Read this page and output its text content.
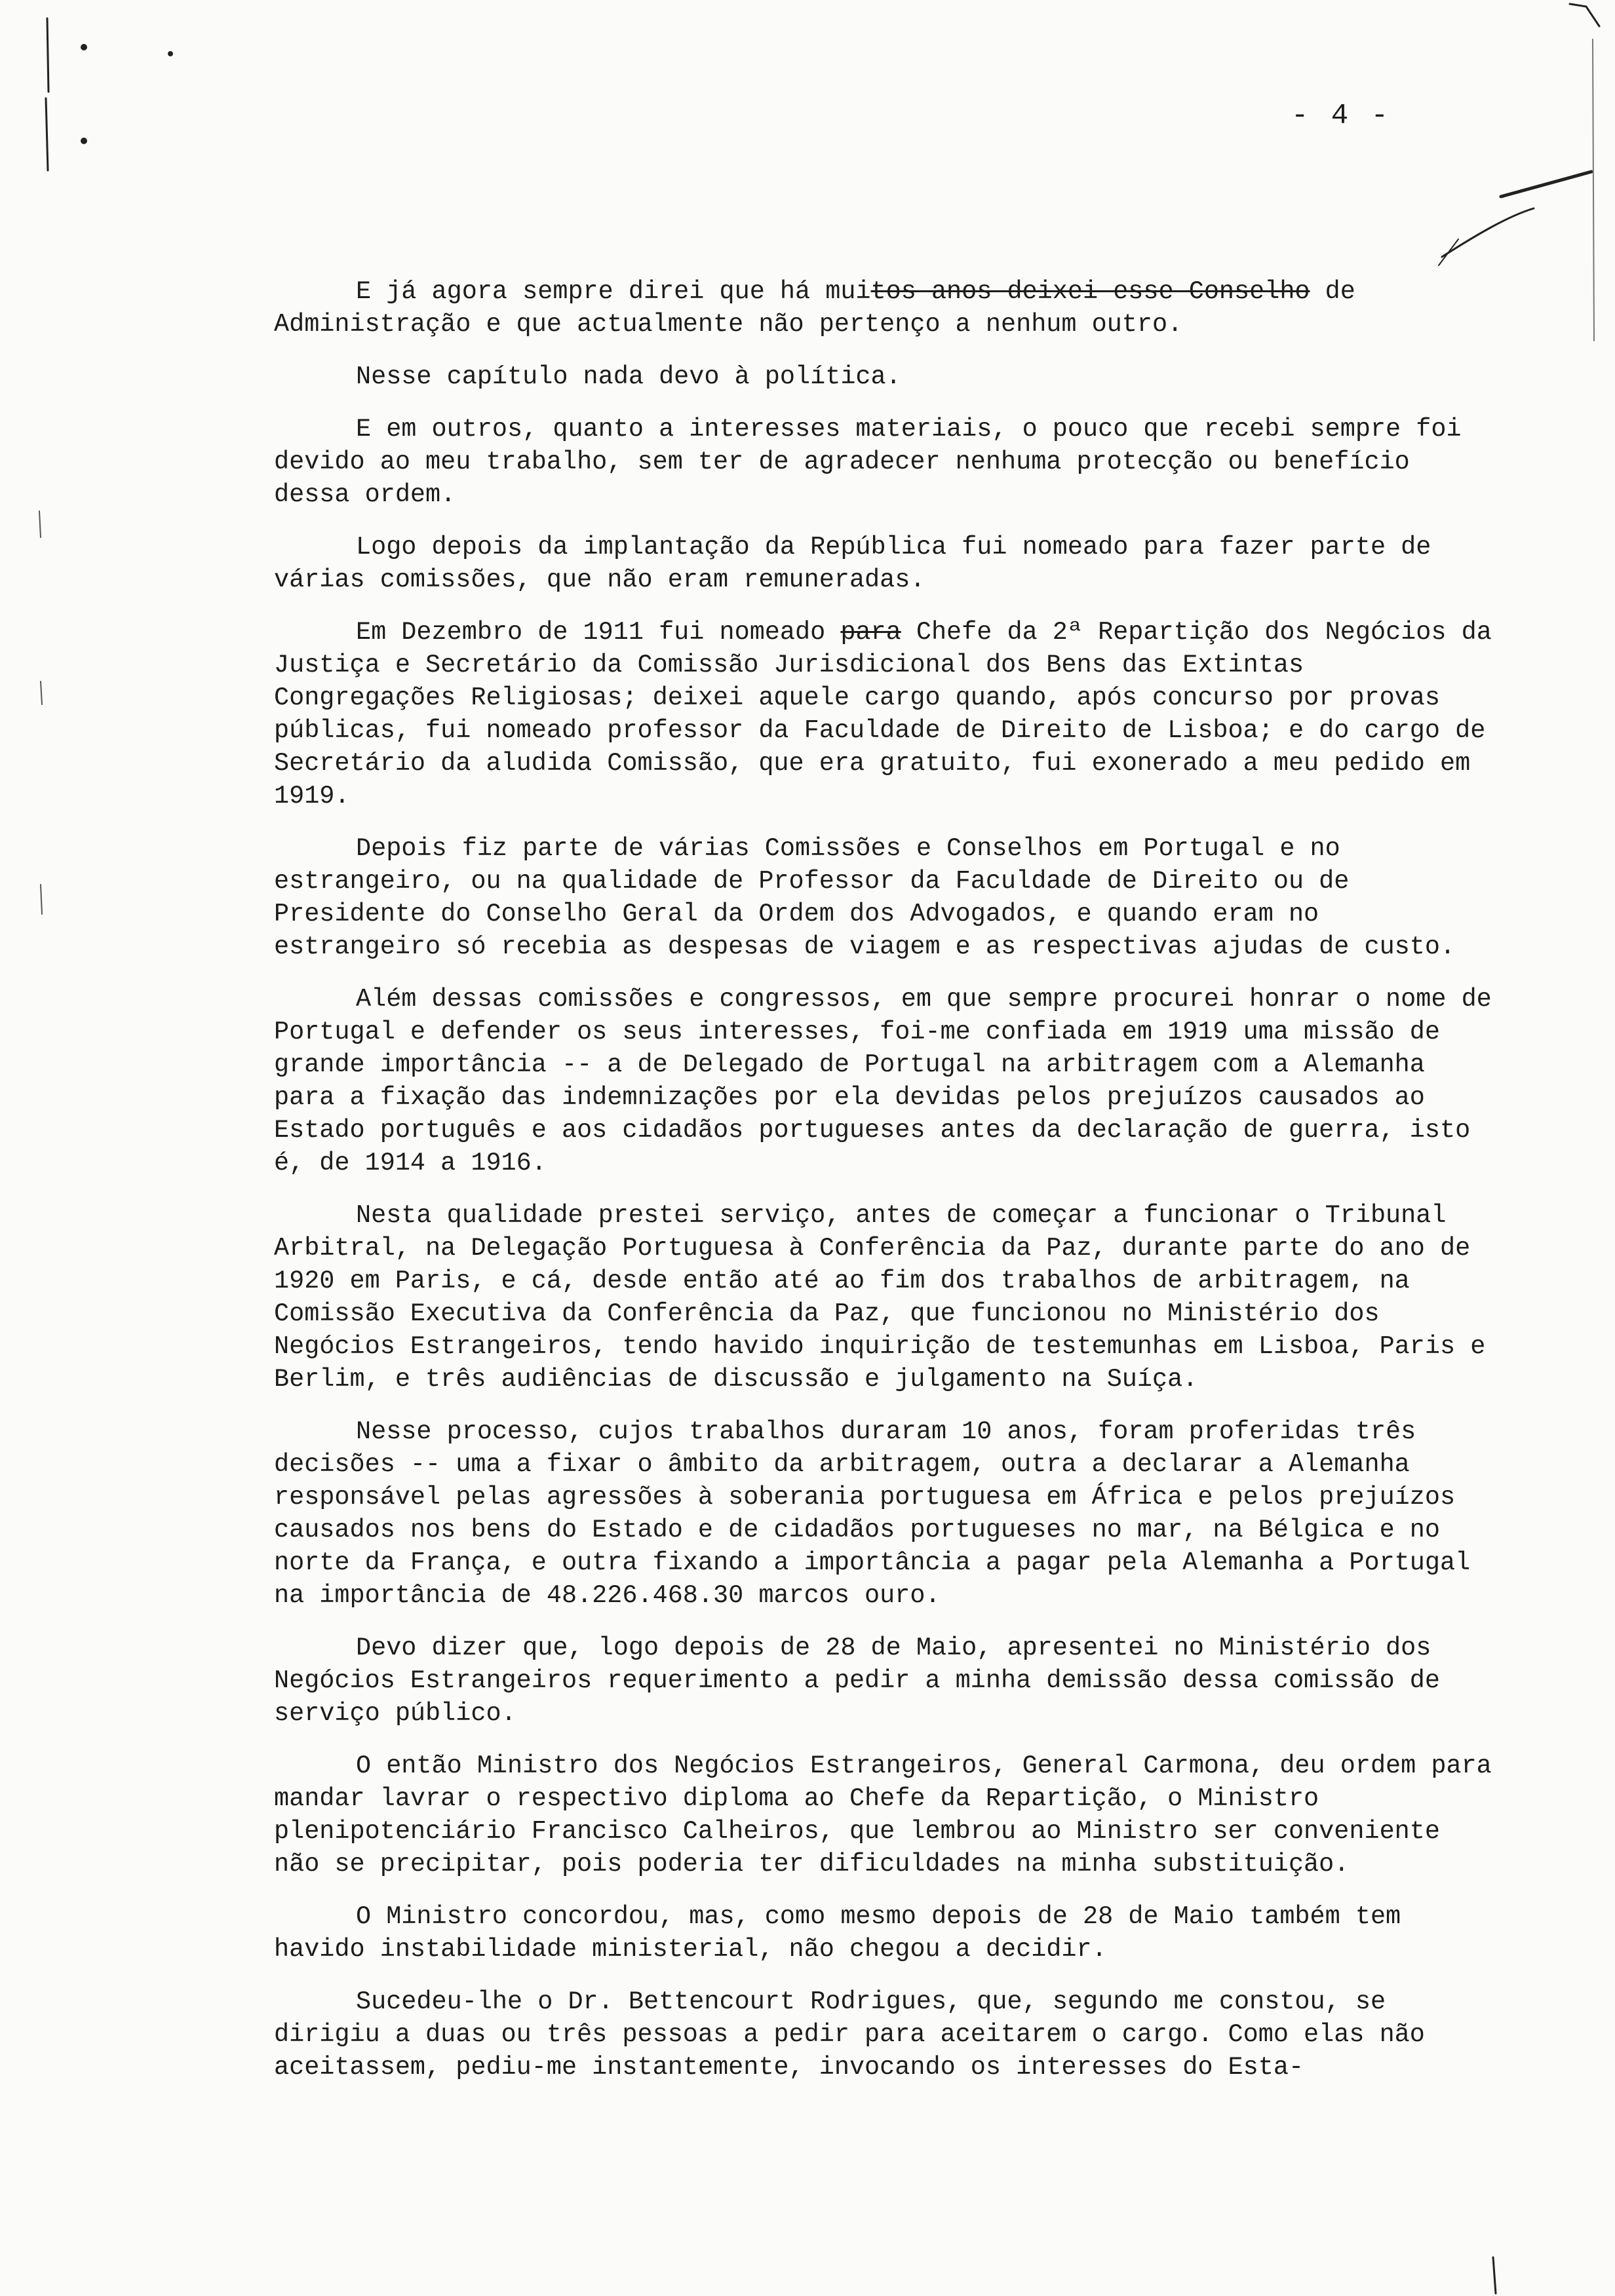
- 4 -

E já agora sempre direi que há muitos anos deixei esse Conselho de Administração e que actualmente não pertenço a nenhum outro.

Nesse capítulo nada devo à política.

E em outros, quanto a interesses materiais, o pouco que recebi sempre foi devido ao meu trabalho, sem ter de agradecer nenhuma protecção ou benefício dessa ordem.

Logo depois da implantação da República fui nomeado para fazer parte de várias comissões, que não eram remuneradas.

Em Dezembro de 1911 fui nomeado para Chefe da 2ª Repartição dos Negócios da Justiça e Secretário da Comissão Jurisdicional dos Bens das Extintas Congregações Religiosas; deixei aquele cargo quando, após concurso por provas públicas, fui nomeado professor da Faculdade de Direito de Lisboa; e do cargo de Secretário da aludida Comissão, que era gratuito, fui exonerado a meu pedido em 1919.

Depois fiz parte de várias Comissões e Conselhos em Portugal e no estrangeiro, ou na qualidade de Professor da Faculdade de Direito ou de Presidente do Conselho Geral da Ordem dos Advogados, e quando eram no estrangeiro só recebia as despesas de viagem e as respectivas ajudas de custo.

Além dessas comissões e congressos, em que sempre procurei honrar o nome de Portugal e defender os seus interesses, foi-me confiada em 1919 uma missão de grande importância -- a de Delegado de Portugal na arbitragem com a Alemanha para a fixação das indemnizações por ela devidas pelos prejuízos causados ao Estado português e aos cidadãos portugueses antes da declaração de guerra, isto é, de 1914 a 1916.

Nesta qualidade prestei serviço, antes de começar a funcionar o Tribunal Arbitral, na Delegação Portuguesa à Conferência da Paz, durante parte do ano de 1920 em Paris, e cá, desde então até ao fim dos trabalhos de arbitragem, na Comissão Executiva da Conferência da Paz, que funcionou no Ministério dos Negócios Estrangeiros, tendo havido inquirição de testemunhas em Lisboa, Paris e Berlim, e três audiências de discussão e julgamento na Suíça.

Nesse processo, cujos trabalhos duraram 10 anos, foram proferidas três decisões -- uma a fixar o âmbito da arbitragem, outra a declarar a Alemanha responsável pelas agressões à soberania portuguesa em África e pelos prejuízos causados nos bens do Estado e de cidadãos portugueses no mar, na Bélgica e no norte da França, e outra fixando a importância a pagar pela Alemanha a Portugal na importância de 48.226.468.30 marcos ouro.

Devo dizer que, logo depois de 28 de Maio, apresentei no Ministério dos Negócios Estrangeiros requerimento a pedir a minha demissão dessa comissão de serviço público.

O então Ministro dos Negócios Estrangeiros, General Carmona, deu ordem para mandar lavrar o respectivo diploma ao Chefe da Repartição, o Ministro plenipotenciário Francisco Calheiros, que lembrou ao Ministro ser conveniente não se precipitar, pois poderia ter dificuldades na minha substituição.

O Ministro concordou, mas, como mesmo depois de 28 de Maio também tem havido instabilidade ministerial, não chegou a decidir.

Sucedeu-lhe o Dr. Bettencourt Rodrigues, que, segundo me constou, se dirigiu a duas ou três pessoas a pedir para aceitarem o cargo. Como elas não aceitassem, pediu-me instantemente, invocando os interesses do Esta-
